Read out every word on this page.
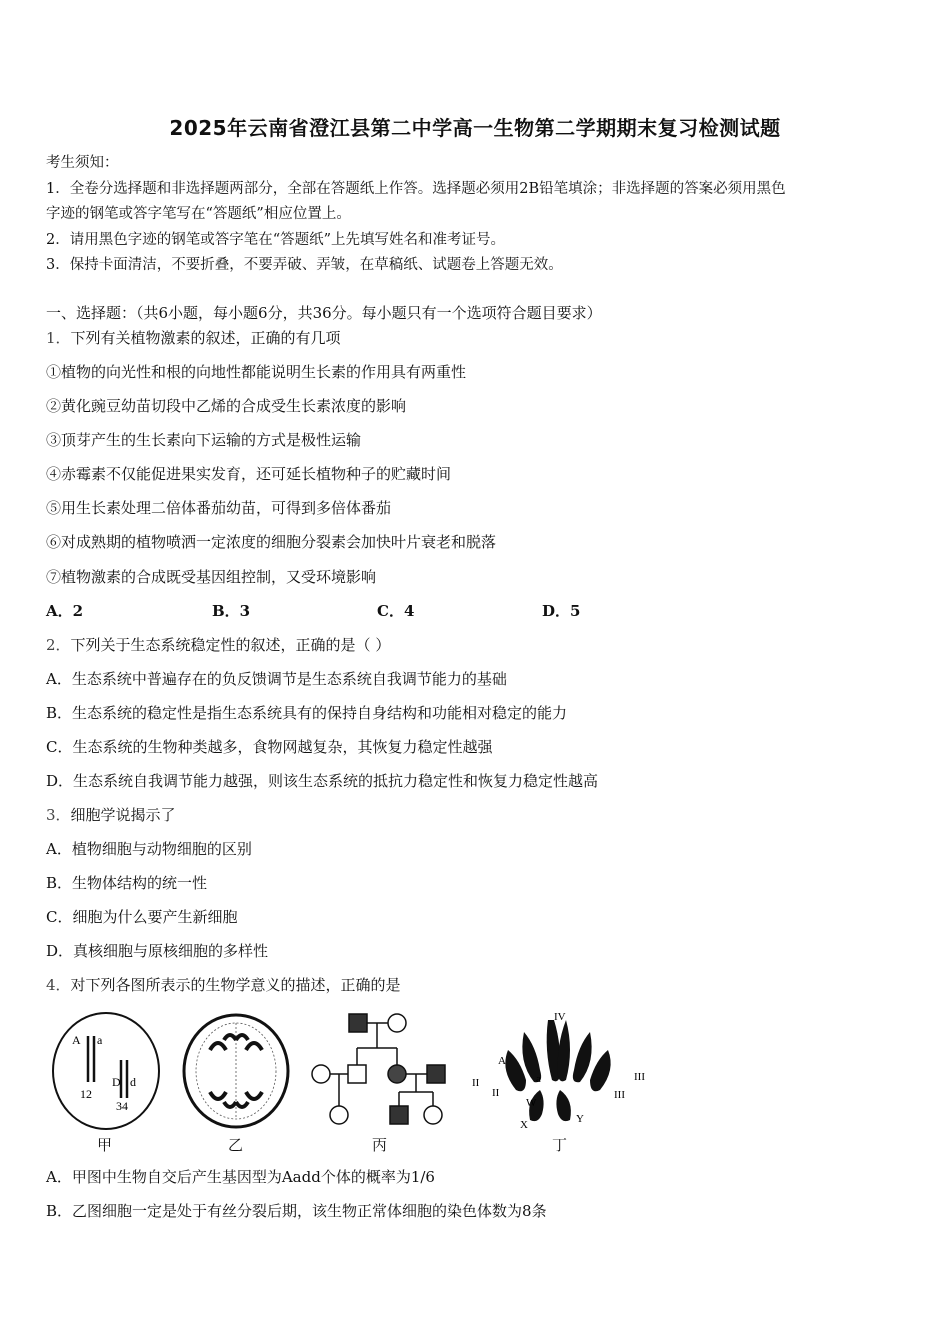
2025年云南省澄江县第二中学高一生物第二学期期末复习检测试题
考生须知：
1．全卷分选择题和非选择题两部分，全部在答题纸上作答。选择题必须用2B铅笔填涂；非选择题的答案必须用黑色
字迹的钢笔或答字笔写在“答题纸”相应位置上。
2．请用黑色字迹的钢笔或答字笔在“答题纸”上先填写姓名和准考证号。
3．保持卡面清洁，不要折叠，不要弄破、弄皱，在草稿纸、试题卷上答题无效。
一、选择题：（共6小题，每小题6分，共36分。每小题只有一个选项符合题目要求）
1．下列有关植物激素的叙述，正确的有几项
①植物的向光性和根的向地性都能说明生长素的作用具有两重性
②黄化豌豆幼苗切段中乙烯的合成受生长素浓度的影响
③顶芽产生的生长素向下运输的方式是极性运输
④赤霉素不仅能促进果实发育，还可延长植物种子的贮藏时间
⑤用生长素处理二倍体番茄幼苗，可得到多倍体番茄
⑥对成熟期的植物喷洒一定浓度的细胞分裂素会加快叶片衰老和脱落
⑦植物激素的合成既受基因组控制，又受环境影响
A．2	B．3	C．4	D．5
2．下列关于生态系统稳定性的叙述，正确的是（ ）
A．生态系统中普遍存在的负反馈调节是生态系统自我调节能力的基础
B．生态系统的稳定性是指生态系统具有的保持自身结构和功能相对稳定的能力
C．生态系统的生物种类越多，食物网越复杂，其恢复力稳定性越强
D．生态系统自我调节能力越强，则该生态系统的抵抗力稳定性和恢复力稳定性越高
3．细胞学说揭示了
A．植物细胞与动物细胞的区别
B．生物体结构的统一性
C．细胞为什么要产生新细胞
D．真核细胞与原核细胞的多样性
4．对下列各图所表示的生物学意义的描述，正确的是
A a
12
D d
34
IV
A
a
II
II
III
III
W
X	Y
甲	乙	丙	丁
A．甲图中生物自交后产生基因型为Aadd个体的概率为1/6
B．乙图细胞一定是处于有丝分裂后期，该生物正常体细胞的染色体数为8条
